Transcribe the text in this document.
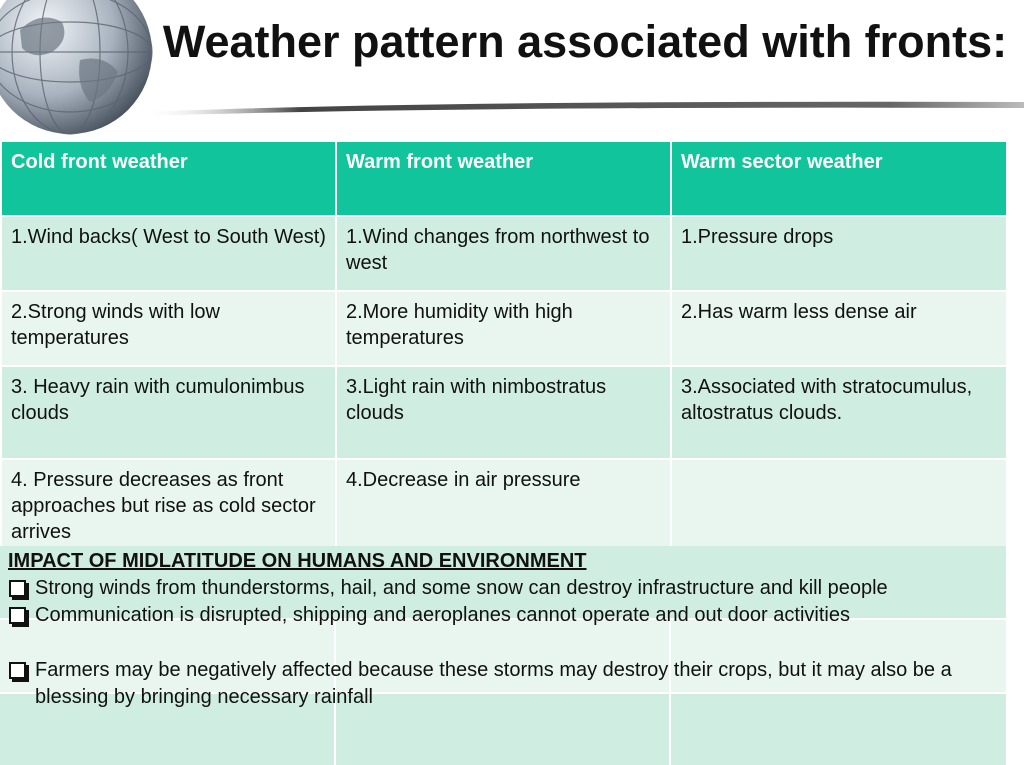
Weather pattern associated with fronts:
Cold front weather	Warm front weather	Warm sector weather
1.Wind backs( West to South West)	1.Wind changes from northwest to west	1.Pressure drops
2.Strong winds with low temperatures	2.More humidity with high temperatures	2.Has warm less dense air
3. Heavy rain with cumulonimbus clouds	3.Light rain with nimbostratus clouds	3.Associated with stratocumulus, altostratus clouds.
4. Pressure decreases as front approaches but rise as cold sector arrives	4.Decrease in air pressure	

IMPACT OF MIDLATITUDE ON HUMANS AND ENVIRONMENT

Strong winds from thunderstorms, hail, and some snow can destroy infrastructure and kill people
Communication is disrupted, shipping and aeroplanes cannot operate and out door activities
Farmers may be negatively affected because these storms may destroy their crops, but it may also be a blessing by bringing necessary rainfall
